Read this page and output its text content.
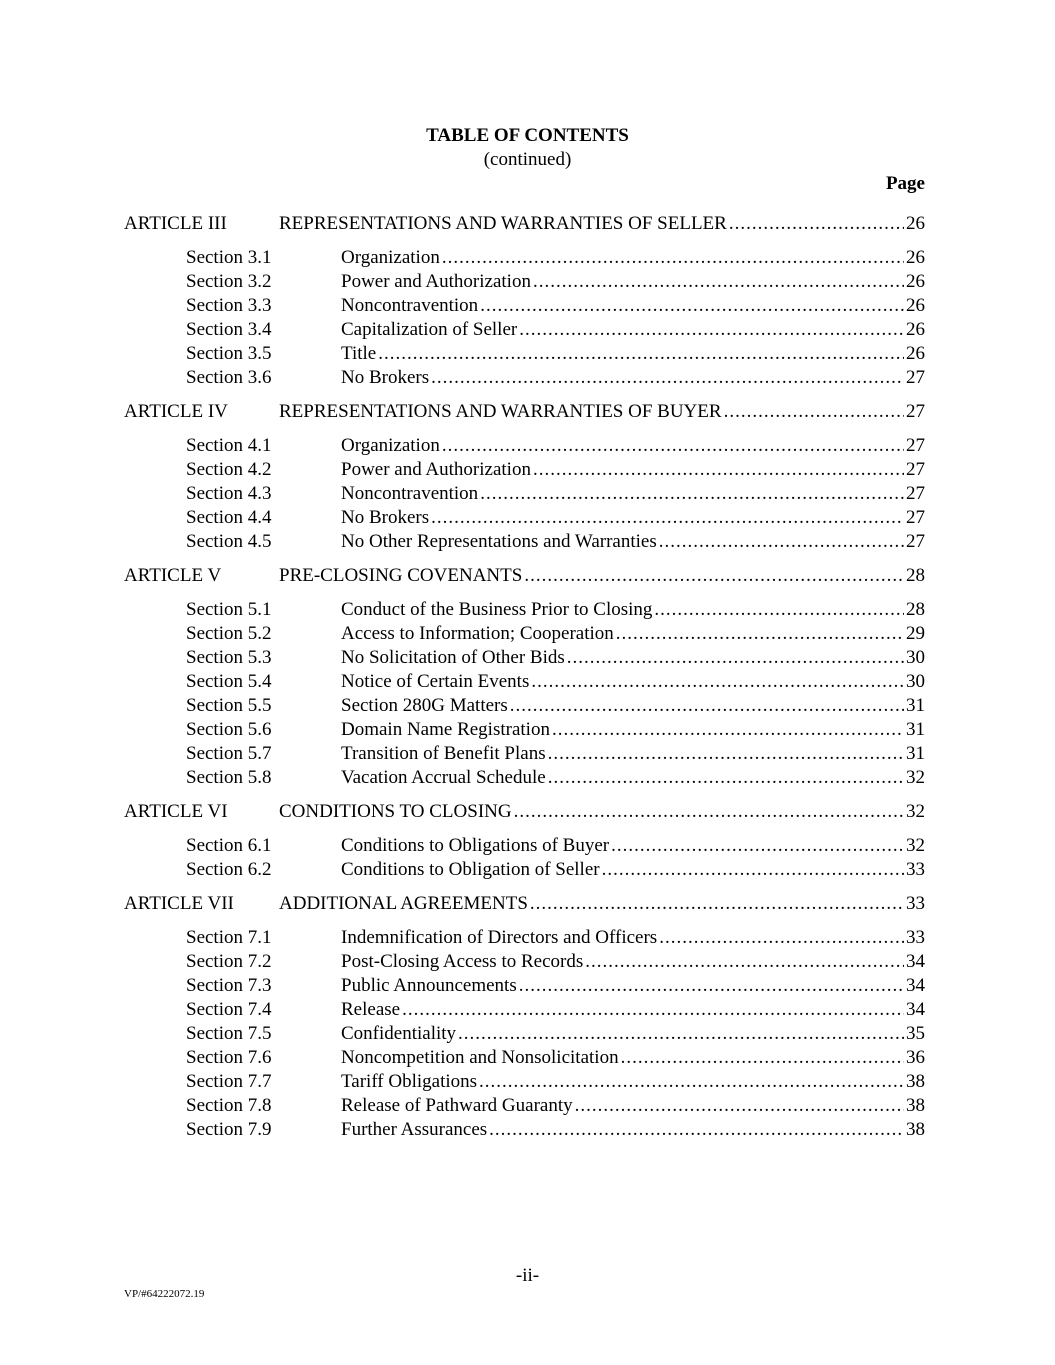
TABLE OF CONTENTS
(continued)
Page
ARTICLE III	REPRESENTATIONS AND WARRANTIES OF SELLER .....	26
Section 3.1	Organization .....	26
Section 3.2	Power and Authorization .....	26
Section 3.3	Noncontravention .....	26
Section 3.4	Capitalization of Seller .....	26
Section 3.5	Title .....	26
Section 3.6	No Brokers .....	27
ARTICLE IV	REPRESENTATIONS AND WARRANTIES OF BUYER .....	27
Section 4.1	Organization .....	27
Section 4.2	Power and Authorization .....	27
Section 4.3	Noncontravention .....	27
Section 4.4	No Brokers .....	27
Section 4.5	No Other Representations and Warranties .....	27
ARTICLE V	PRE-CLOSING COVENANTS .....	28
Section 5.1	Conduct of the Business Prior to Closing .....	28
Section 5.2	Access to Information; Cooperation .....	29
Section 5.3	No Solicitation of Other Bids .....	30
Section 5.4	Notice of Certain Events .....	30
Section 5.5	Section 280G Matters .....	31
Section 5.6	Domain Name Registration .....	31
Section 5.7	Transition of Benefit Plans .....	31
Section 5.8	Vacation Accrual Schedule .....	32
ARTICLE VI	CONDITIONS TO CLOSING .....	32
Section 6.1	Conditions to Obligations of Buyer .....	32
Section 6.2	Conditions to Obligation of Seller .....	33
ARTICLE VII	ADDITIONAL AGREEMENTS .....	33
Section 7.1	Indemnification of Directors and Officers .....	33
Section 7.2	Post-Closing Access to Records .....	34
Section 7.3	Public Announcements .....	34
Section 7.4	Release .....	34
Section 7.5	Confidentiality .....	35
Section 7.6	Noncompetition and Nonsolicitation .....	36
Section 7.7	Tariff Obligations .....	38
Section 7.8	Release of Pathward Guaranty .....	38
Section 7.9	Further Assurances .....	38
-ii-
VP/#64222072.19
